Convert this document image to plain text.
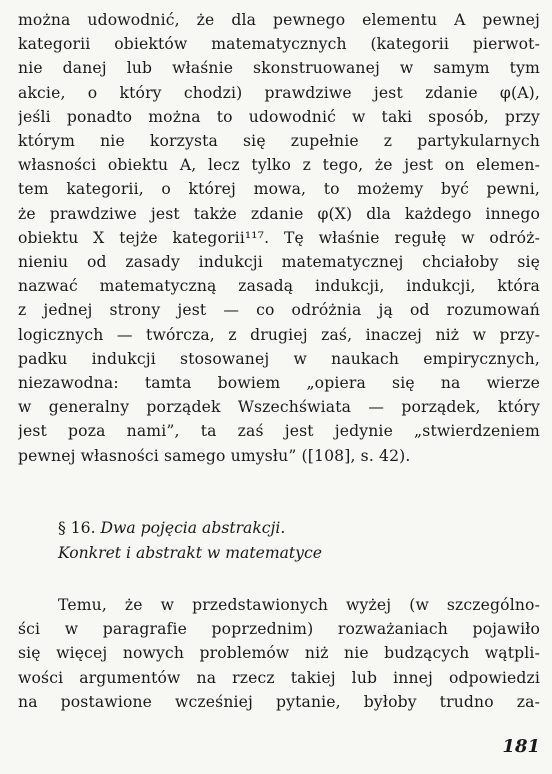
można udowodnić, że dla pewnego elementu A pewnej
kategorii obiektów matematycznych (kategorii pierwot-
nie danej lub właśnie skonstruowanej w samym tym
akcie, o który chodzi) prawdziwe jest zdanie φ(A),
jeśli ponadto można to udowodnić w taki sposób, przy
którym nie korzysta się zupełnie z partykularnych
własności obiektu A, lecz tylko z tego, że jest on elemen-
tem kategorii, o której mowa, to możemy być pewni,
że prawdziwe jest także zdanie φ(X) dla każdego innego
obiektu X tejże kategorii¹¹⁷. Tę właśnie regułę w odróż-
nieniu od zasady indukcji matematycznej chciałoby się
nazwać matematyczną zasadą indukcji, indukcji, która
z jednej strony jest — co odróżnia ją od rozumowań
logicznych — twórcza, z drugiej zaś, inaczej niż w przy-
padku indukcji stosowanej w naukach empirycznych,
niezawodna: tamta bowiem „opiera się na wierze
w generalny porządek Wszechświata — porządek, który
jest poza nami”, ta zaś jest jedynie „stwierdzeniem
pewnej własności samego umysłu” ([108], s. 42).
§ 16. Dwa pojęcia abstrakcji.
Konkret i abstrakt w matematyce
Temu, że w przedstawionych wyżej (w szczególno-
ści w paragrafie poprzednim) rozważaniach pojawiło
się więcej nowych problemów niż nie budzących wątpli-
wości argumentów na rzecz takiej lub innej odpowiedzi
na postawione wcześniej pytanie, byłoby trudno za-
181
